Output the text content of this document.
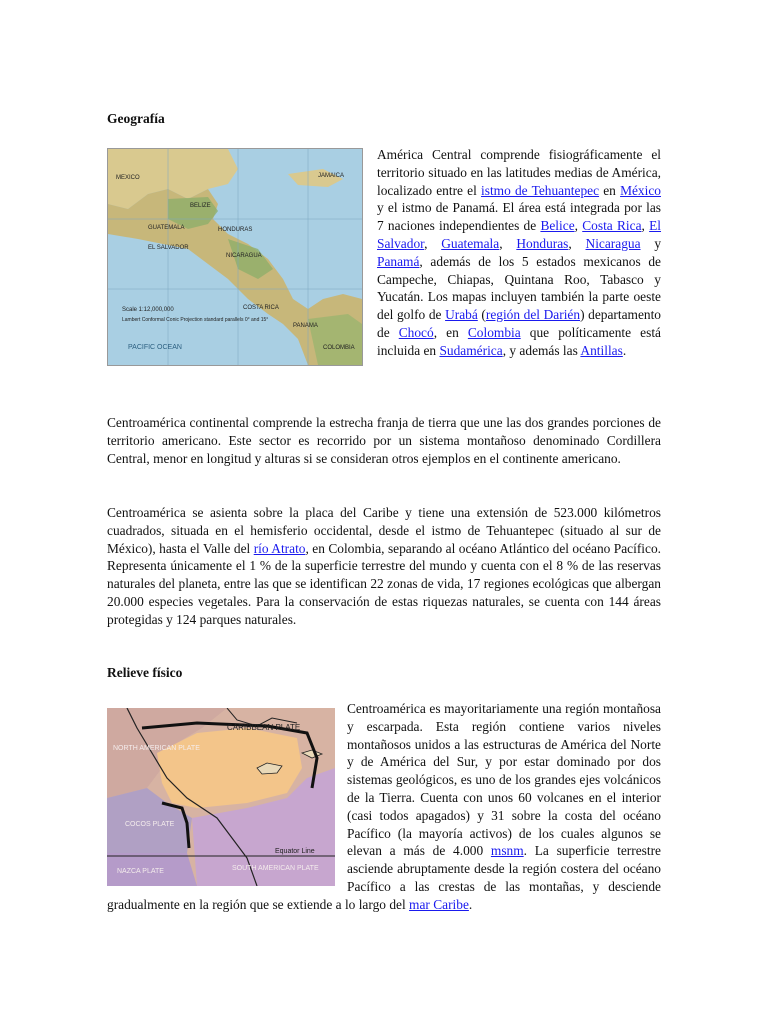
Geografía
JAMAICA
MEXICO
BELIZE
HONDURAS
GUATEMALA
EL SALVADOR
NICARAGUA
COSTA RICA
PANAMA
COLOMBIA
Scale 1:12,000,000
Lambert Conformal Conic Projection standard parallels 0° and 15°
PACIFIC OCEAN
América Central comprende fisiográficamente el territorio situado en las latitudes medias de América, localizado entre el istmo de Tehuantepec en México y el istmo de Panamá. El área está integrada por las 7 naciones independientes de Belice, Costa Rica, El Salvador, Guatemala, Honduras, Nicaragua y Panamá, además de los 5 estados mexicanos de Campeche, Chiapas, Quintana Roo, Tabasco y Yucatán. Los mapas incluyen también la parte oeste del golfo de Urabá (región del Darién) departamento de Chocó, en Colombia que políticamente está incluida en Sudamérica, y además las Antillas.
Centroamérica continental comprende la estrecha franja de tierra que une las dos grandes porciones de territorio americano. Este sector es recorrido por un sistema montañoso denominado Cordillera Central, menor en longitud y alturas si se consideran otros ejemplos en el continente americano.
Centroamérica se asienta sobre la placa del Caribe y tiene una extensión de 523.000 kilómetros cuadrados, situada en el hemisferio occidental, desde el istmo de Tehuantepec (situado al sur de México), hasta el Valle del río Atrato, en Colombia, separando al océano Atlántico del océano Pacífico. Representa únicamente el 1 % de la superficie terrestre del mundo y cuenta con el 8 % de las reservas naturales del planeta, entre las que se identifican 22 zonas de vida, 17 regiones ecológicas que albergan 20.000 especies vegetales. Para la conservación de estas riquezas naturales, se cuenta con 144 áreas protegidas y 124 parques naturales.
Relieve físico
CARIBBEAN PLATE
NORTH AMERICAN PLATE
COCOS PLATE
Equator Line
NAZCA PLATE	SOUTH AMERICAN PLATE
Centroamérica es mayoritariamente una región montañosa y escarpada. Esta región contiene varios niveles montañosos unidos a las estructuras de América del Norte y de América del Sur, y por estar dominado por dos sistemas geológicos, es uno de los grandes ejes volcánicos de la Tierra. Cuenta con unos 60 volcanes en el interior (casi todos apagados) y 31 sobre la costa del océano Pacífico (la mayoría activos) de los cuales algunos se elevan a más de 4.000 msnm. La superficie terrestre asciende abruptamente desde la región costera del océano Pacífico a las crestas de las montañas, y desciende gradualmente en la región que se extiende a lo largo del mar Caribe.
